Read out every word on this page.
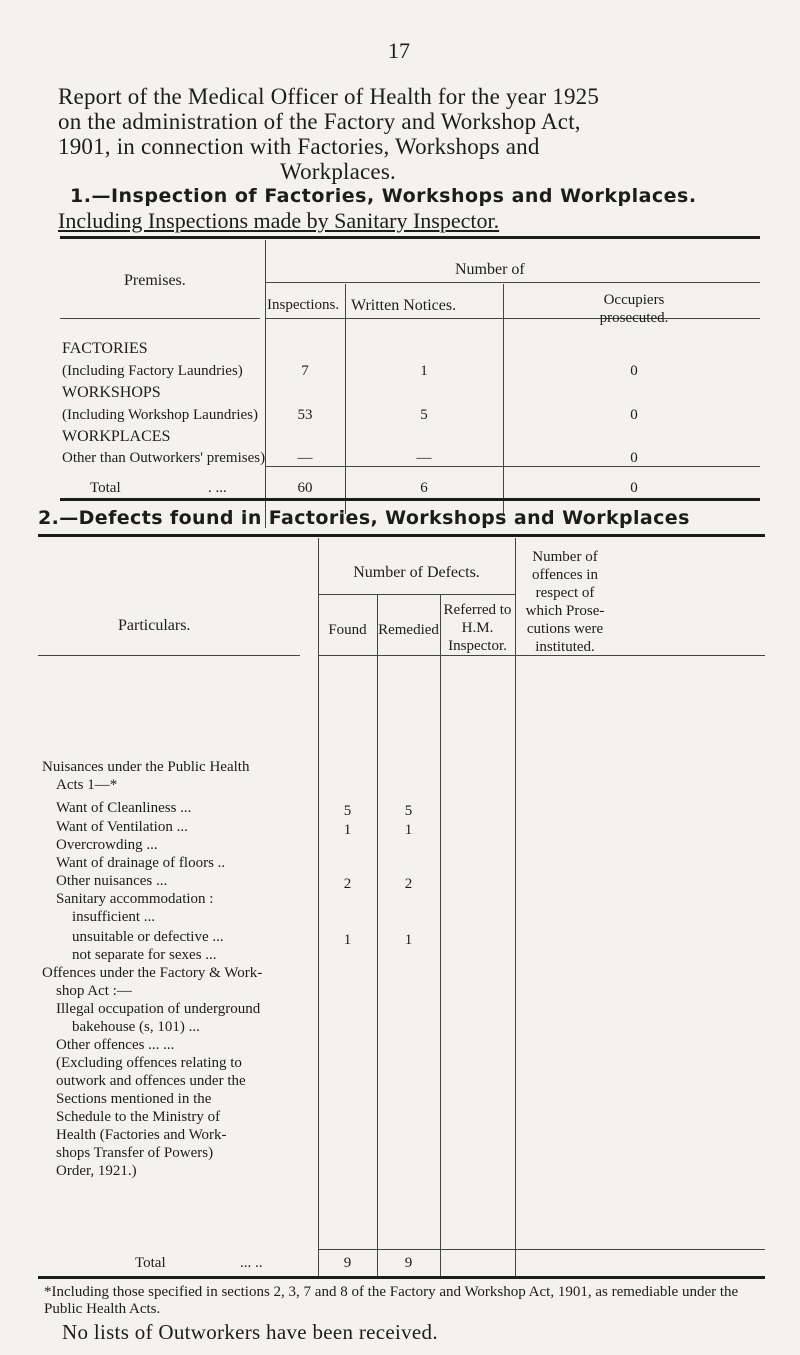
17
Report of the Medical Officer of Health for the year 1925
on the administration of the Factory and Workshop Act,
1901, in connection with Factories, Workshops and
Workplaces.
1.—Inspection of Factories, Workshops and Workplaces.
Including Inspections made by Sanitary Inspector.
Premises.
Number of
Inspections. Written Notices.	Occupiers
prosecuted.
FACTORIES
(Including Factory Laundries)	7	1	0
WORKSHOPS
(Including Workshop Laundries)	53	5	0
WORKPLACES
Other than Outworkers' premises)	—	—	0
Total	. ...	60	6	0
2.—Defects found in Factories, Workshops and Workplaces
Particulars.
Number of Defects.
Found Remedied
Referred to
H.M.
Inspector.
Number of
offences in
respect of
which Prose-
cutions were
instituted.
Nuisances under the Public Health
Acts 1—*
Want of Cleanliness ...	5	5
Want of Ventilation ...	1	1
Overcrowding ...
Want of drainage of floors ..
Other nuisances ...	2	2
Sanitary accommodation :
insufficient ...
unsuitable or defective ...	1	1
not separate for sexes ...
Offences under the Factory & Work-
shop Act :—
Illegal occupation of underground
bakehouse (s, 101) ...
Other offences ... ...
(Excluding offences relating to
outwork and offences under the
Sections mentioned in the
Schedule to the Ministry of
Health (Factories and Work-
shops Transfer of Powers)
Order, 1921.)
Total	... ..	9	9
*Including those specified in sections 2, 3, 7 and 8 of the Factory and Workshop Act, 1901, as remediable under the Public Health Acts.
No lists of Outworkers have been received.
